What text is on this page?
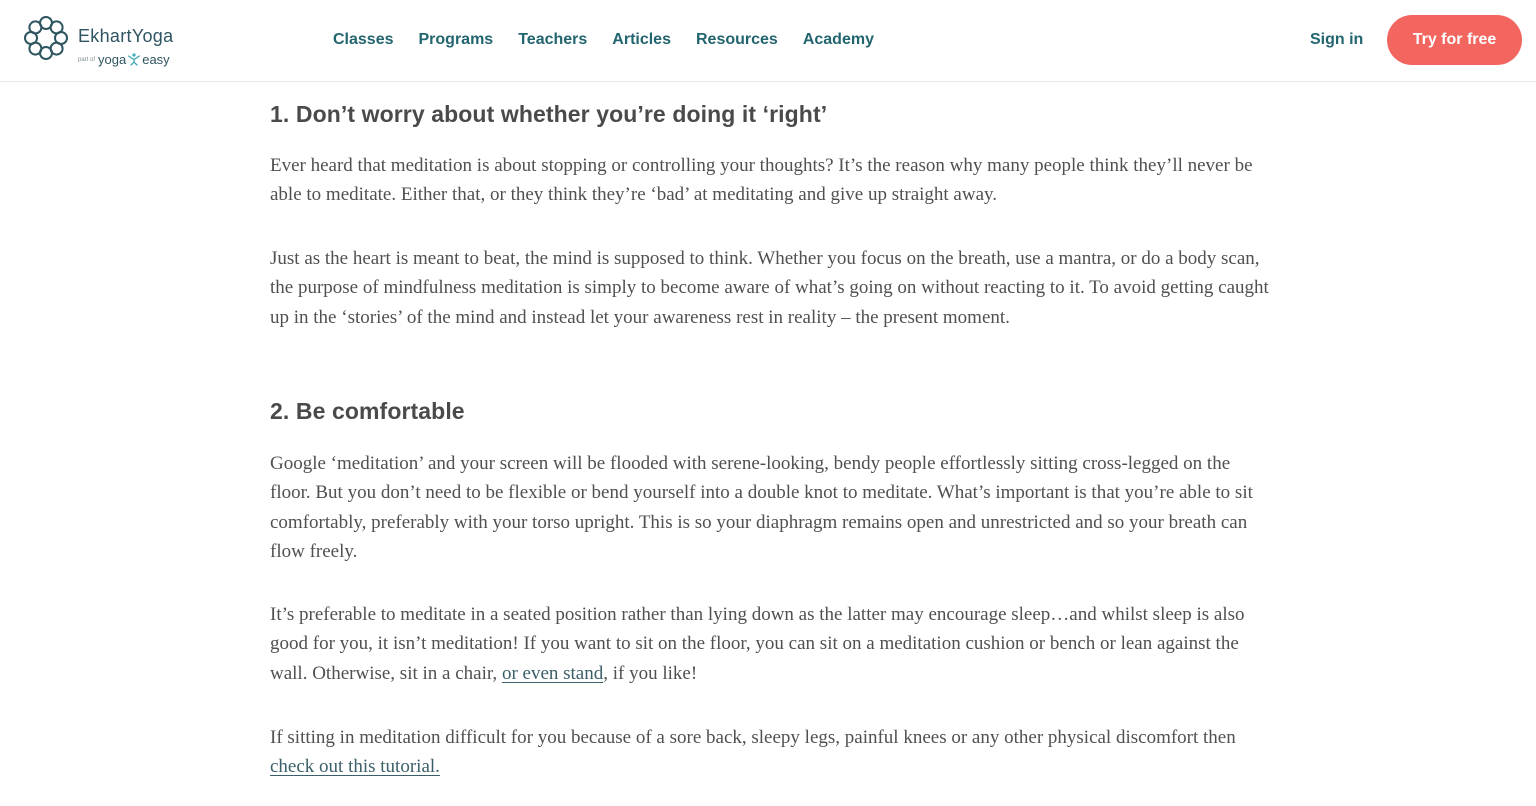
EkhartYoga
part of yoga easy
Classes Programs Teachers Articles Resources Academy	Sign in	Try for free
1. Don’t worry about whether you’re doing it ‘right’

Ever heard that meditation is about stopping or controlling your thoughts? It’s the reason why many people think they’ll never be able to meditate. Either that, or they think they’re ‘bad’ at meditating and give up straight away.

Just as the heart is meant to beat, the mind is supposed to think. Whether you focus on the breath, use a mantra, or do a body scan, the purpose of mindfulness meditation is simply to become aware of what’s going on without reacting to it. To avoid getting caught up in the ‘stories’ of the mind and instead let your awareness rest in reality – the present moment.

2. Be comfortable

Google ‘meditation’ and your screen will be flooded with serene-looking, bendy people effortlessly sitting cross-legged on the floor. But you don’t need to be flexible or bend yourself into a double knot to meditate. What’s important is that you’re able to sit comfortably, preferably with your torso upright. This is so your diaphragm remains open and unrestricted and so your breath can flow freely.

It’s preferable to meditate in a seated position rather than lying down as the latter may encourage sleep…and whilst sleep is also good for you, it isn’t meditation! If you want to sit on the floor, you can sit on a meditation cushion or bench or lean against the wall. Otherwise, sit in a chair, or even stand, if you like!

If sitting in meditation difficult for you because of a sore back, sleepy legs, painful knees or any other physical discomfort then check out this tutorial.
